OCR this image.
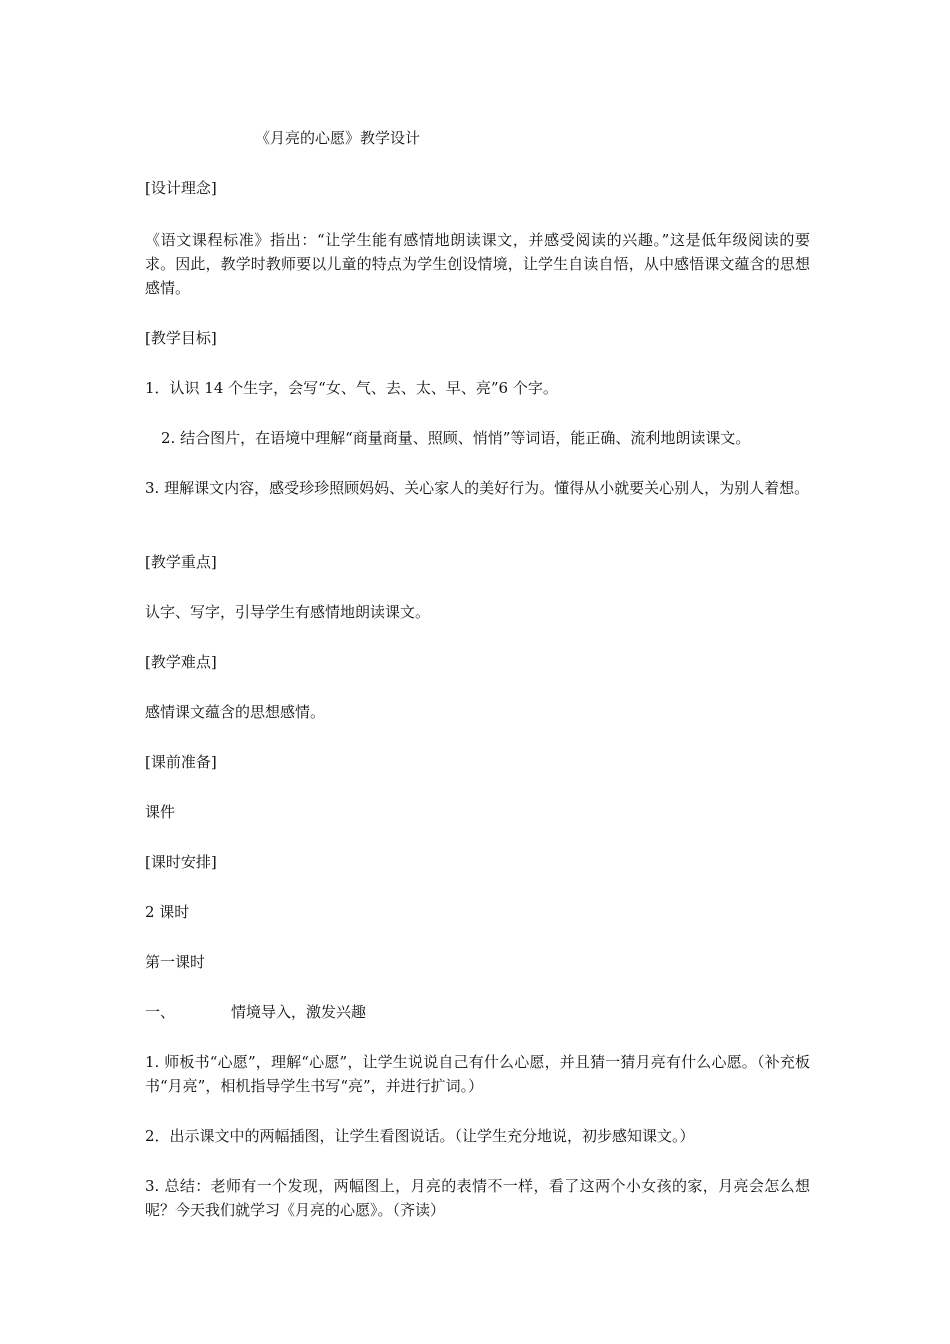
《月亮的心愿》教学设计
[设计理念]
《语文课程标准》指出：“让学生能有感情地朗读课文，并感受阅读的兴趣。”这是低年级阅读的要求。因此，教学时教师要以儿童的特点为学生创设情境，让学生自读自悟，从中感悟课文蕴含的思想感情。
[教学目标]
1．认识 14 个生字，会写“女、气、去、太、早、亮”6 个字。
2. 结合图片，在语境中理解“商量商量、照顾、悄悄”等词语，能正确、流利地朗读课文。
3. 理解课文内容，感受珍珍照顾妈妈、关心家人的美好行为。懂得从小就要关心别人，为别人着想。
[教学重点]
认字、写字，引导学生有感情地朗读课文。
[教学难点]
感情课文蕴含的思想感情。
[课前准备]
课件
[课时安排]
2 课时
第一课时
一、	情境导入，激发兴趣
1. 师板书“心愿”，理解“心愿”，让学生说说自己有什么心愿，并且猜一猜月亮有什么心愿。（补充板书“月亮”，相机指导学生书写“亮”，并进行扩词。）
2．出示课文中的两幅插图，让学生看图说话。（让学生充分地说，初步感知课文。）
3. 总结：老师有一个发现，两幅图上，月亮的表情不一样，看了这两个小女孩的家，月亮会怎么想呢？今天我们就学习《月亮的心愿》。（齐读）
